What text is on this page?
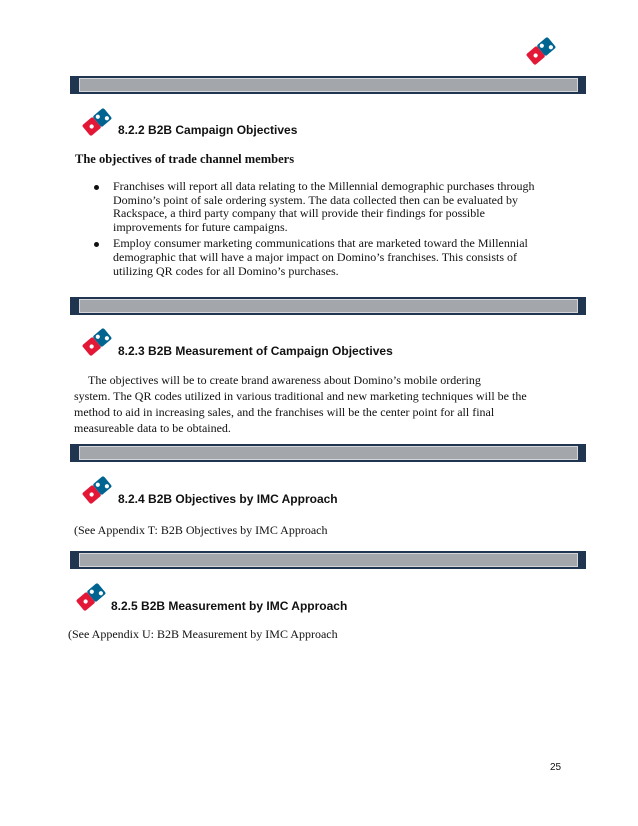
8.2.2 B2B Campaign Objectives
The objectives of trade channel members
Franchises will report all data relating to the Millennial demographic purchases through Domino’s point of sale ordering system. The data collected then can be evaluated by Rackspace, a third party company that will provide their findings for possible improvements for future campaigns.
Employ consumer marketing communications that are marketed toward the Millennial demographic that will have a major impact on Domino’s franchises. This consists of utilizing QR codes for all Domino’s purchases.
8.2.3 B2B Measurement of Campaign Objectives
The objectives will be to create brand awareness about Domino’s mobile ordering
system. The QR codes utilized in various traditional and new marketing techniques will be the
method to aid in increasing sales, and the franchises will be the center point for all final
measureable data to be obtained.
8.2.4 B2B Objectives by IMC Approach
(See Appendix T: B2B Objectives by IMC Approach
8.2.5 B2B Measurement by IMC Approach
(See Appendix U: B2B Measurement by IMC Approach
25
